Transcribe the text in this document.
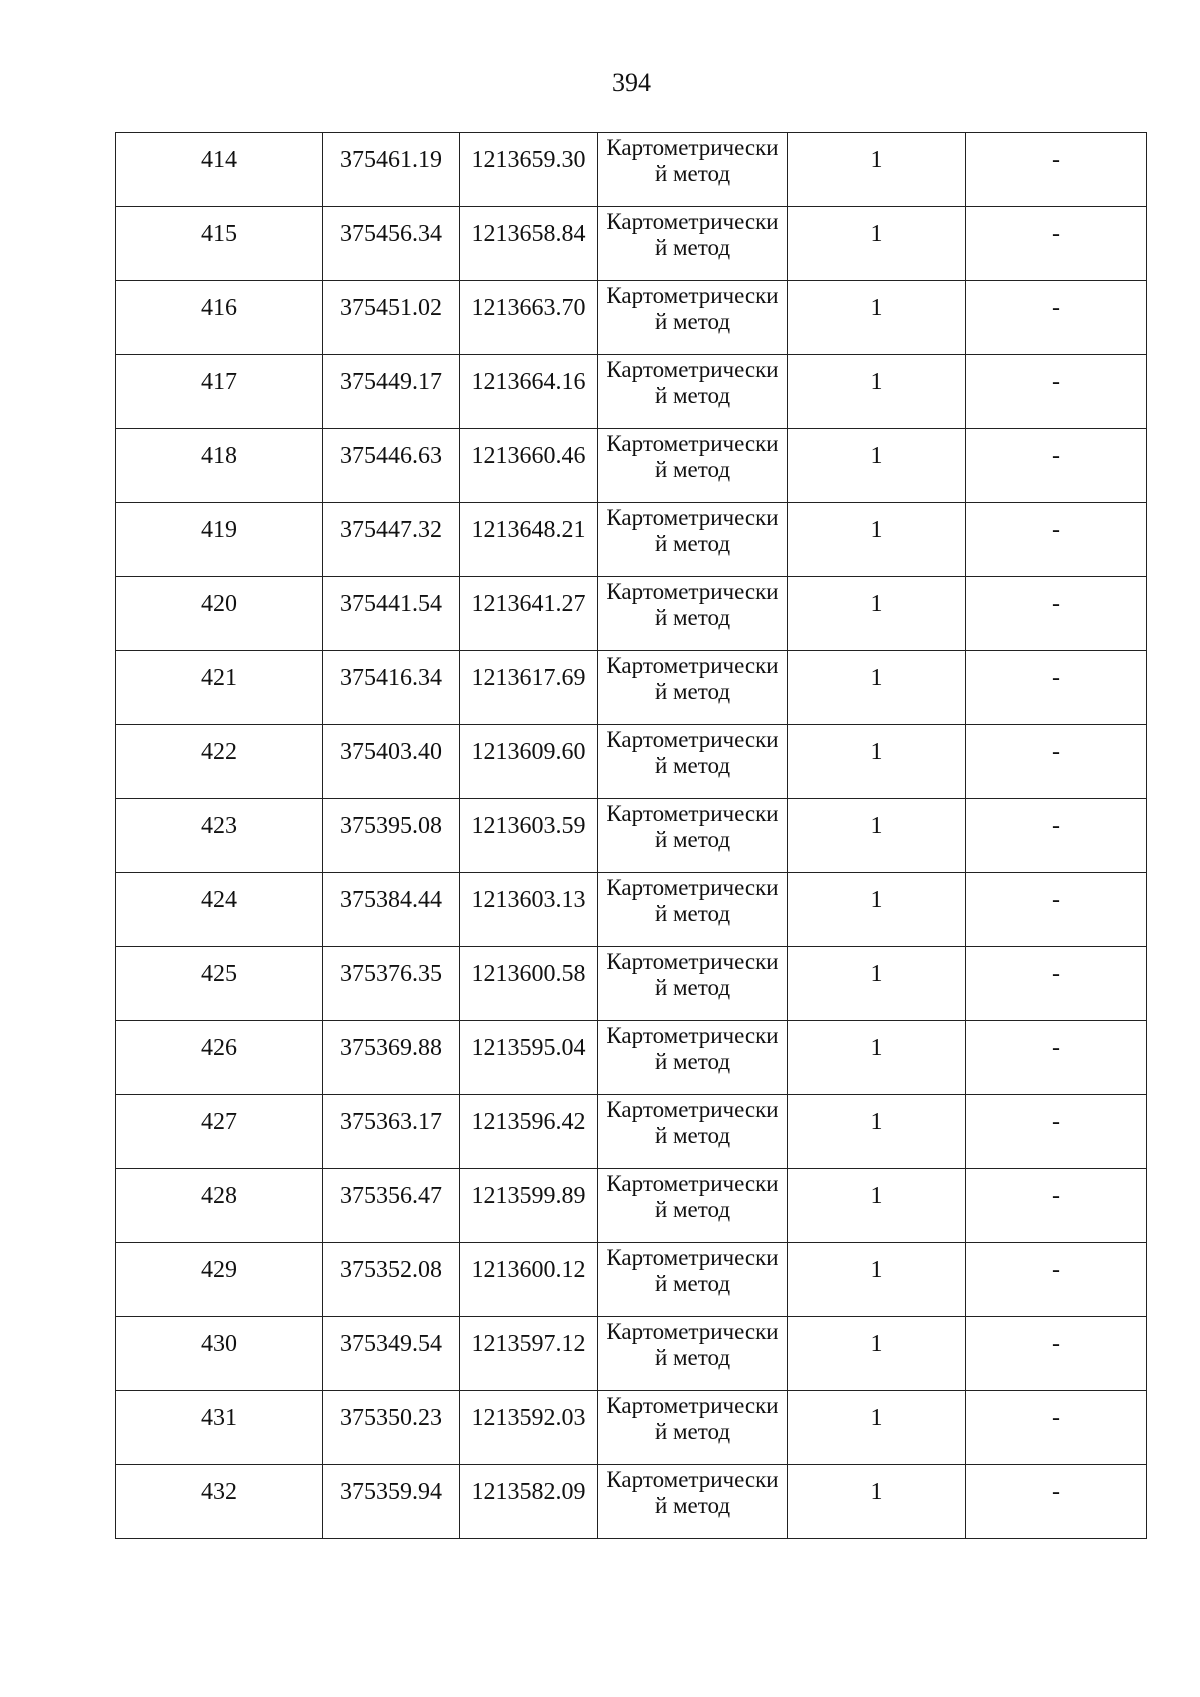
394
414	375461.19	1213659.30	Картометрически й метод	1	-
415	375456.34	1213658.84	Картометрически й метод	1	-
416	375451.02	1213663.70	Картометрически й метод	1	-
417	375449.17	1213664.16	Картометрически й метод	1	-
418	375446.63	1213660.46	Картометрически й метод	1	-
419	375447.32	1213648.21	Картометрически й метод	1	-
420	375441.54	1213641.27	Картометрически й метод	1	-
421	375416.34	1213617.69	Картометрически й метод	1	-
422	375403.40	1213609.60	Картометрически й метод	1	-
423	375395.08	1213603.59	Картометрически й метод	1	-
424	375384.44	1213603.13	Картометрически й метод	1	-
425	375376.35	1213600.58	Картометрически й метод	1	-
426	375369.88	1213595.04	Картометрически й метод	1	-
427	375363.17	1213596.42	Картометрически й метод	1	-
428	375356.47	1213599.89	Картометрически й метод	1	-
429	375352.08	1213600.12	Картометрически й метод	1	-
430	375349.54	1213597.12	Картометрически й метод	1	-
431	375350.23	1213592.03	Картометрически й метод	1	-
432	375359.94	1213582.09	Картометрически й метод	1	-
